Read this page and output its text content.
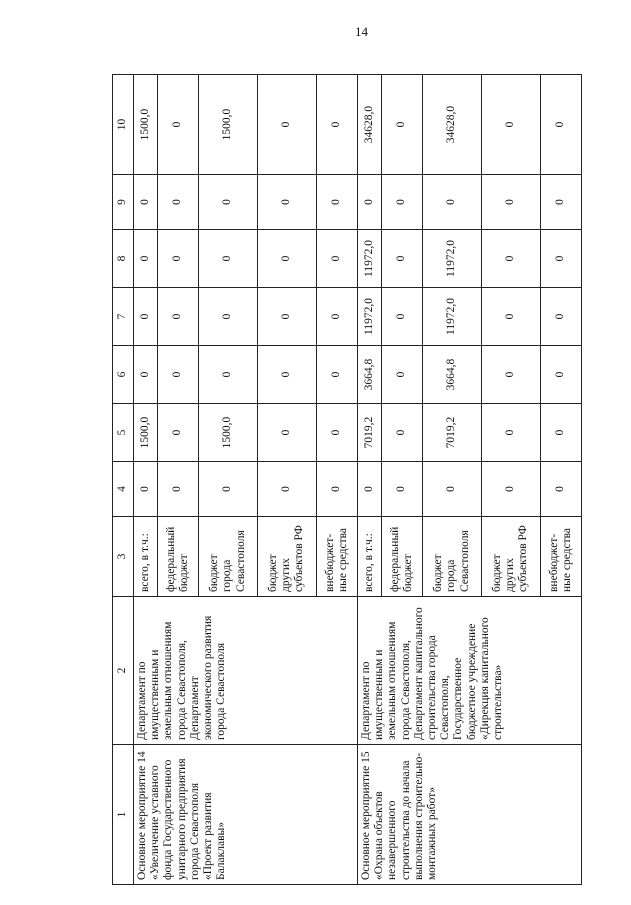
14
1	2	3	4	5	6	7	8	9	10
Основное мероприятие 14 «Увеличение уставного фонда Государственного унитарного предприятия города Севастополя «Проект развития Балаклавы»	Департамент по имущественным и земельным отношениям города Севастополя, Департамент экономического развития города Севастополя	всего, в т.ч.:	0	1500,0	0	0	0	0	1500,0
		федеральный бюджет	0	0	0	0	0	0	0
		бюджет города Севастополя	0	1500,0	0	0	0	0	1500,0
		бюджет других субъектов РФ	0	0	0	0	0	0	0
		внебюджет-ные средства	0	0	0	0	0	0	0
Основное мероприятие 15 «Охрана объектов незавершенного строительства до начала выполнения строительно-монтажных работ»	Департамент по имущественным и земельным отношениям города Севастополя, Департамент капитального строительства города Севастополя, Государственное бюджетное учреждение «Дирекция капитального строительства»	всего, в т.ч.:	0	7019,2	3664,8	11972,0	11972,0	0	34628,0
		федеральный бюджет	0	0	0	0	0	0	0
		бюджет города Севастополя	0	7019,2	3664,8	11972,0	11972,0	0	34628,0
		бюджет других субъектов РФ	0	0	0	0	0	0	0
		внебюджет-ные средства	0	0	0	0	0	0	0
